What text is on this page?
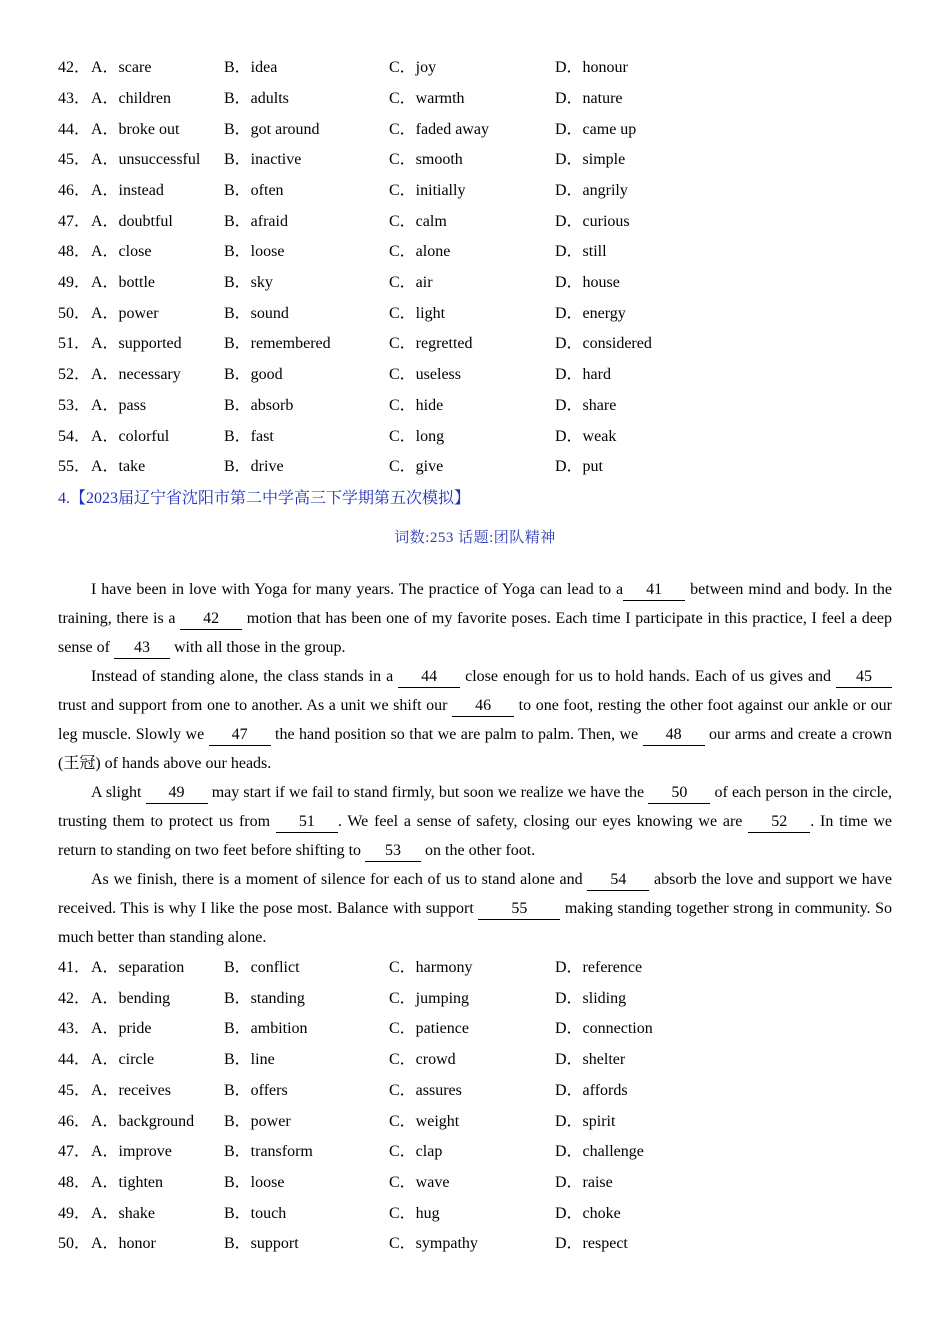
42． A．scare	B．idea	C．joy	D．honour
43． A．children	B．adults	C．warmth	D．nature
44． A．broke out	B．got around	C．faded away	D．came up
45． A．unsuccessful B．inactive	C．smooth	D．simple
46． A．instead	B．often	C．initially	D．angrily
47． A．doubtful	B．afraid	C．calm	D．curious
48． A．close	B．loose	C．alone	D．still
49． A．bottle	B．sky	C．air	D．house
50． A．power	B．sound	C．light	D．energy
51． A．supported	B．remembered	C．regretted	D．considered
52． A．necessary	B．good	C．useless	D．hard
53． A．pass	B．absorb	C．hide	D．share
54． A．colorful	B．fast	C．long	D．weak
55． A．take	B．drive	C．give	D．put
4.【2023届辽宁省沈阳市第二中学高三下学期第五次模拟】
词数:253 话题:团队精神

I have been in love with Yoga for many years. The practice of Yoga can lead to a 41 between mind and body. In the training, there is a 42 motion that has been one of my favorite poses. Each time I participate in this practice, I feel a deep sense of 43 with all those in the group.

Instead of standing alone, the class stands in a 44 close enough for us to hold hands. Each of us gives and 45 trust and support from one to another. As a unit we shift our 46 to one foot, resting the other foot against our ankle or our leg muscle. Slowly we 47 the hand position so that we are palm to palm. Then, we 48 our arms and create a crown (王冠) of hands above our heads.

A slight 49 may start if we fail to stand firmly, but soon we realize we have the 50 of each person in the circle, trusting them to protect us from 51 . We feel a sense of safety, closing our eyes knowing we are 52 . In time we return to standing on two feet before shifting to 53 on the other foot.

As we finish, there is a moment of silence for each of us to stand alone and 54 absorb the love and support we have received. This is why I like the pose most. Balance with support 55 making standing together strong in community. So much better than standing alone.

41． A．separation B．conflict	C．harmony	D．reference
42． A．bending	B．standing	C．jumping	D．sliding
43． A．pride	B．ambition	C．patience	D．connection
44． A．circle	B．line	C．crowd	D．shelter
45． A．receives	B．offers	C．assures	D．affords
46． A．background B．power	C．weight	D．spirit
47． A．improve	B．transform	C．clap	D．challenge
48． A．tighten	B．loose	C．wave	D．raise
49． A．shake	B．touch	C．hug	D．choke
50． A．honor	B．support	C．sympathy	D．respect
